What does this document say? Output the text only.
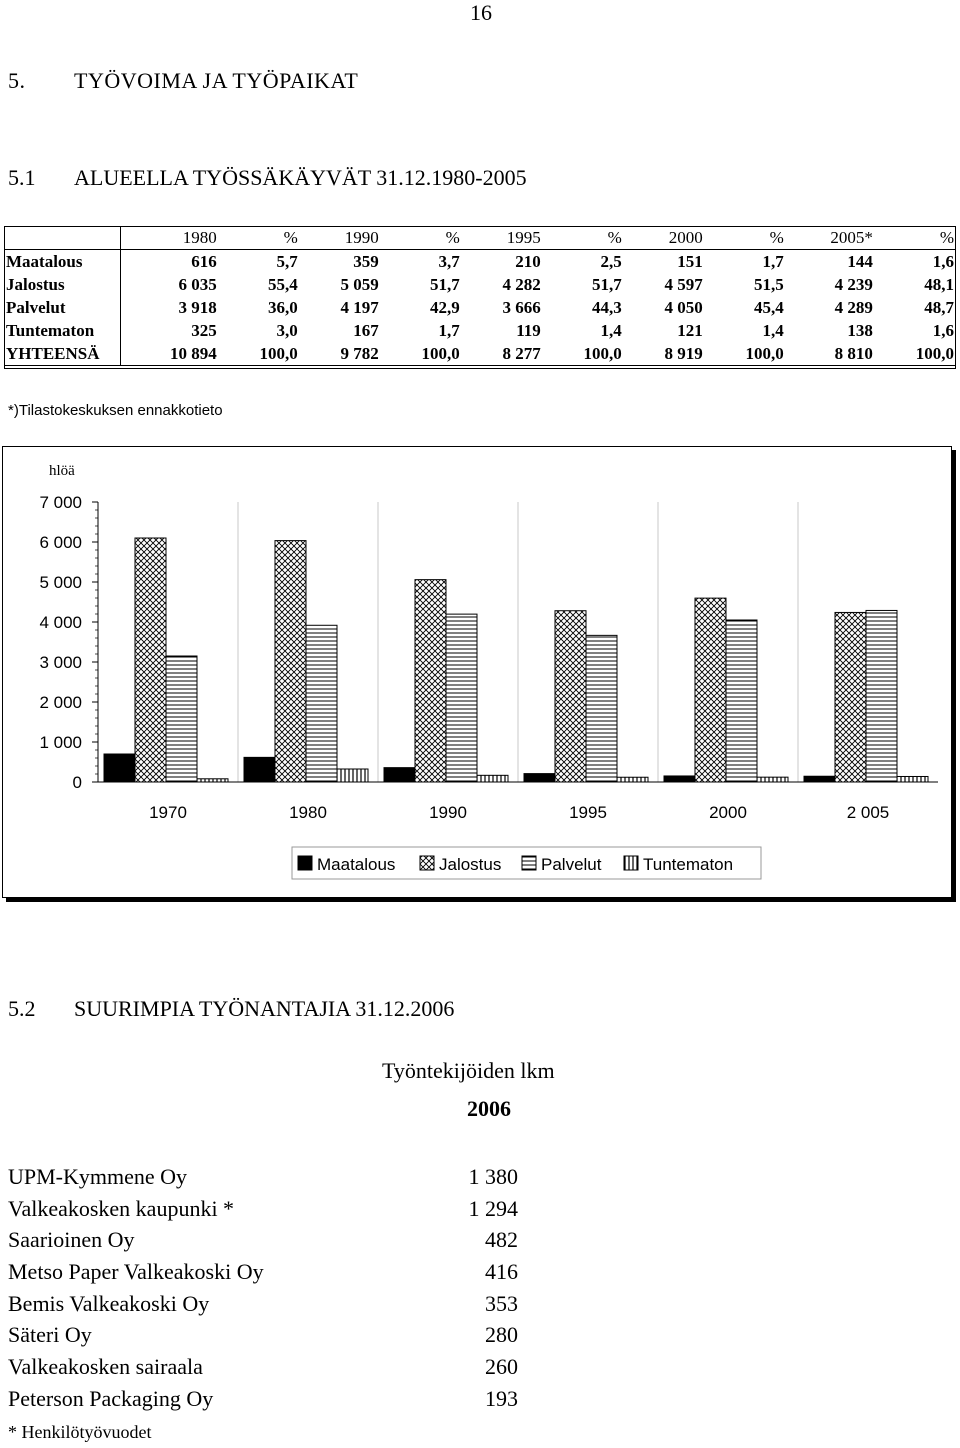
16
5. TYÖVOIMA JA TYÖPAIKAT
5.1 ALUEELLA TYÖSSÄKÄYVÄT 31.12.1980-2005
	1980	%	1990	%	1995	%	2000	%	2005*	%
Maatalous	616	5,7	359	3,7	210	2,5	151	1,7	144	1,6
Jalostus	6 035	55,4	5 059	51,7	4 282	51,7	4 597	51,5	4 239	48,1
Palvelut	3 918	36,0	4 197	42,9	3 666	44,3	4 050	45,4	4 289	48,7
Tuntematon	325	3,0	167	1,7	119	1,4	121	1,4	138	1,6
YHTEENSÄ	10 894	100,0	9 782	100,0	8 277	100,0	8 919	100,0	8 810	100,0
*)Tilastokeskuksen ennakkotieto
hlöä
0
1 000
2 000
3 000
4 000
5 000
6 000
7 000
1970	1980	1990	1995	2000	2 005
Maatalous	Jalostus Palvelut Tuntematon
5.2 SUURIMPIA TYÖNANTAJIA 31.12.2006
Työntekijöiden lkm
2006
UPM-Kymmene Oy	1 380
Valkeakosken kaupunki *	1 294
Saarioinen Oy	482
Metso Paper Valkeakoski Oy	416
Bemis Valkeakoski Oy	353
Säteri Oy	280
Valkeakosken sairaala	260
Peterson Packaging Oy	193
* Henkilötyövuodet
